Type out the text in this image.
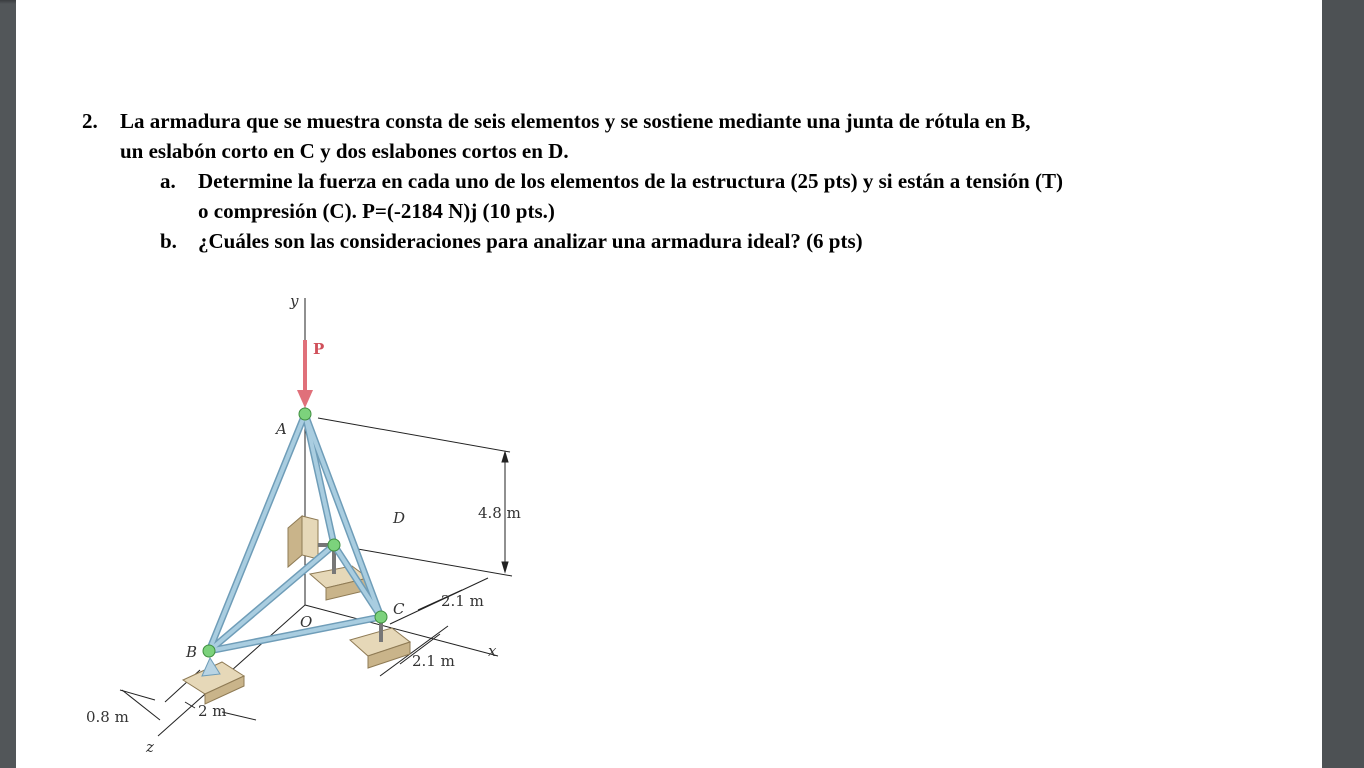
2. La armadura que se muestra consta de seis elementos y se sostiene mediante una junta de rótula en B,
un eslabón corto en C y dos eslabones cortos en D.
a. Determine la fuerza en cada uno de los elementos de la estructura (25 pts) y si están a tensión (T)
o compresión (C). P=(-2184 N)j (10 pts.)
b. ¿Cuáles son las consideraciones para analizar una armadura ideal? (6 pts)
y
P
A
D
O
C
B	x
z
4.8 m
2.1 m
2.1 m
0.8 m	2 m
